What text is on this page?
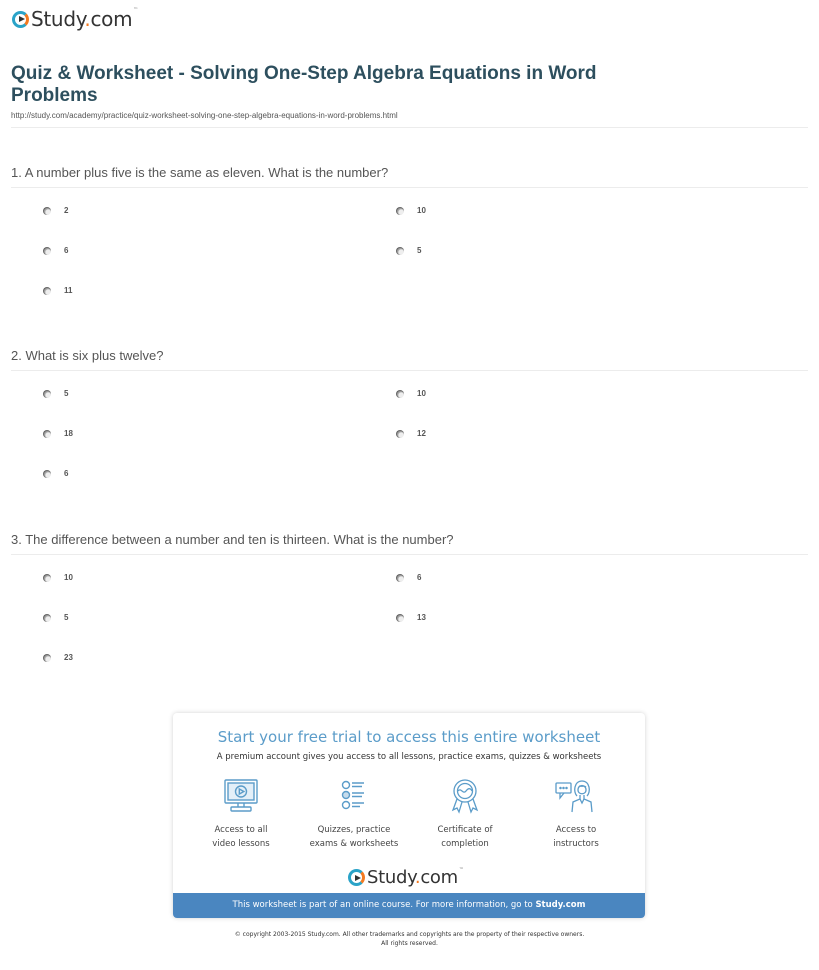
Study.com™
Quiz & Worksheet - Solving One-Step Algebra Equations in Word Problems
http://study.com/academy/practice/quiz-worksheet-solving-one-step-algebra-equations-in-word-problems.html
1. A number plus five is the same as eleven. What is the number?
2	10
6	5
11
2. What is six plus twelve?
5	10
18	12
6
3. The difference between a number and ten is thirteen. What is the number?
10	6
5	13
23
Start your free trial to access this entire worksheet
A premium account gives you access to all lessons, practice exams, quizzes & worksheets
Access to all
video lessons
Quizzes, practice
exams & worksheets
Certificate of
completion
Access to
instructors
Study.com™
This worksheet is part of an online course. For more information, go to Study.com
© copyright 2003-2015 Study.com. All other trademarks and copyrights are the property of their respective owners.
All rights reserved.
